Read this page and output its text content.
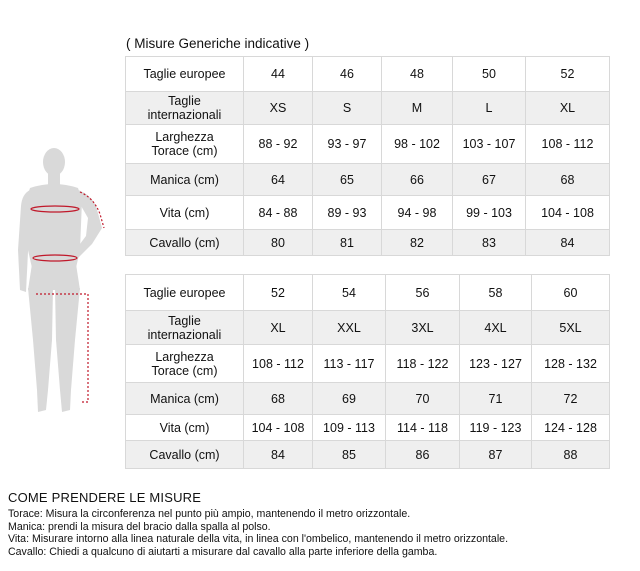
( Misure Generiche indicative )
Taglie europee	44	46	48	50	52
Taglie
internazionali	XS	S	M	L	XL
Larghezza
Torace (cm)	88 - 92	93 - 97	98 - 102	103 - 107	108 - 112
Manica (cm)	64	65	66	67	68
Vita (cm)	84 - 88	89 - 93	94 - 98	99 - 103	104 - 108
Cavallo (cm)	80	81	82	83	84
Taglie europee	52	54	56	58	60
Taglie
internazionali	XL	XXL	3XL	4XL	5XL
Larghezza
Torace (cm)	108 - 112	113 - 117	118 - 122	123 - 127	128 - 132
Manica (cm)	68	69	70	71	72
Vita (cm)	104 - 108	109 - 113	114 - 118	119 - 123	124 - 128
Cavallo (cm)	84	85	86	87	88
COME PRENDERE LE MISURE

Torace: Misura la circonferenza nel punto più ampio, mantenendo il metro orizzontale.

Manica: prendi la misura del bracio dalla spalla al polso.

Vita: Misurare intorno alla linea naturale della vita, in linea con l'ombelico, mantenendo il metro orizzontale.

Cavallo: Chiedi a qualcuno di aiutarti a misurare dal cavallo alla parte inferiore della gamba.
